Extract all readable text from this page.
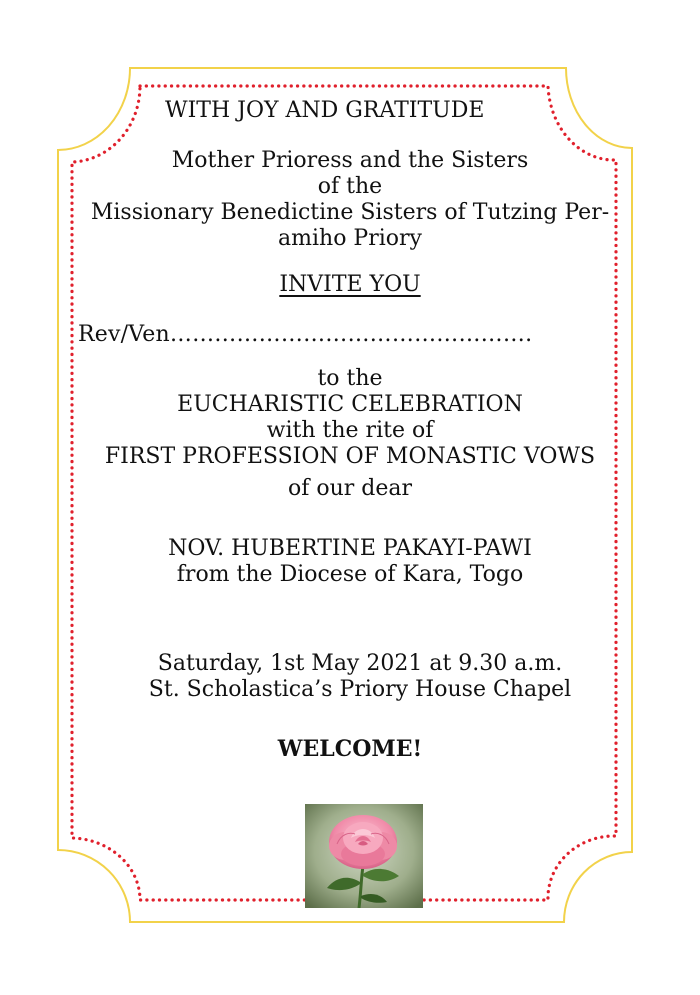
WITH JOY AND GRATITUDE
Mother Prioress and the Sisters
of the
Missionary Benedictine Sisters of Tutzing Per-
amiho Priory
INVITE YOU
Rev/Ven………………………………………….
to the
EUCHARISTIC CELEBRATION
with the rite of
FIRST PROFESSION OF MONASTIC VOWS
of our dear
NOV. HUBERTINE PAKAYI-PAWI
from the Diocese of Kara, Togo
Saturday, 1st May 2021 at 9.30 a.m.
St. Scholastica’s Priory House Chapel
WELCOME!
